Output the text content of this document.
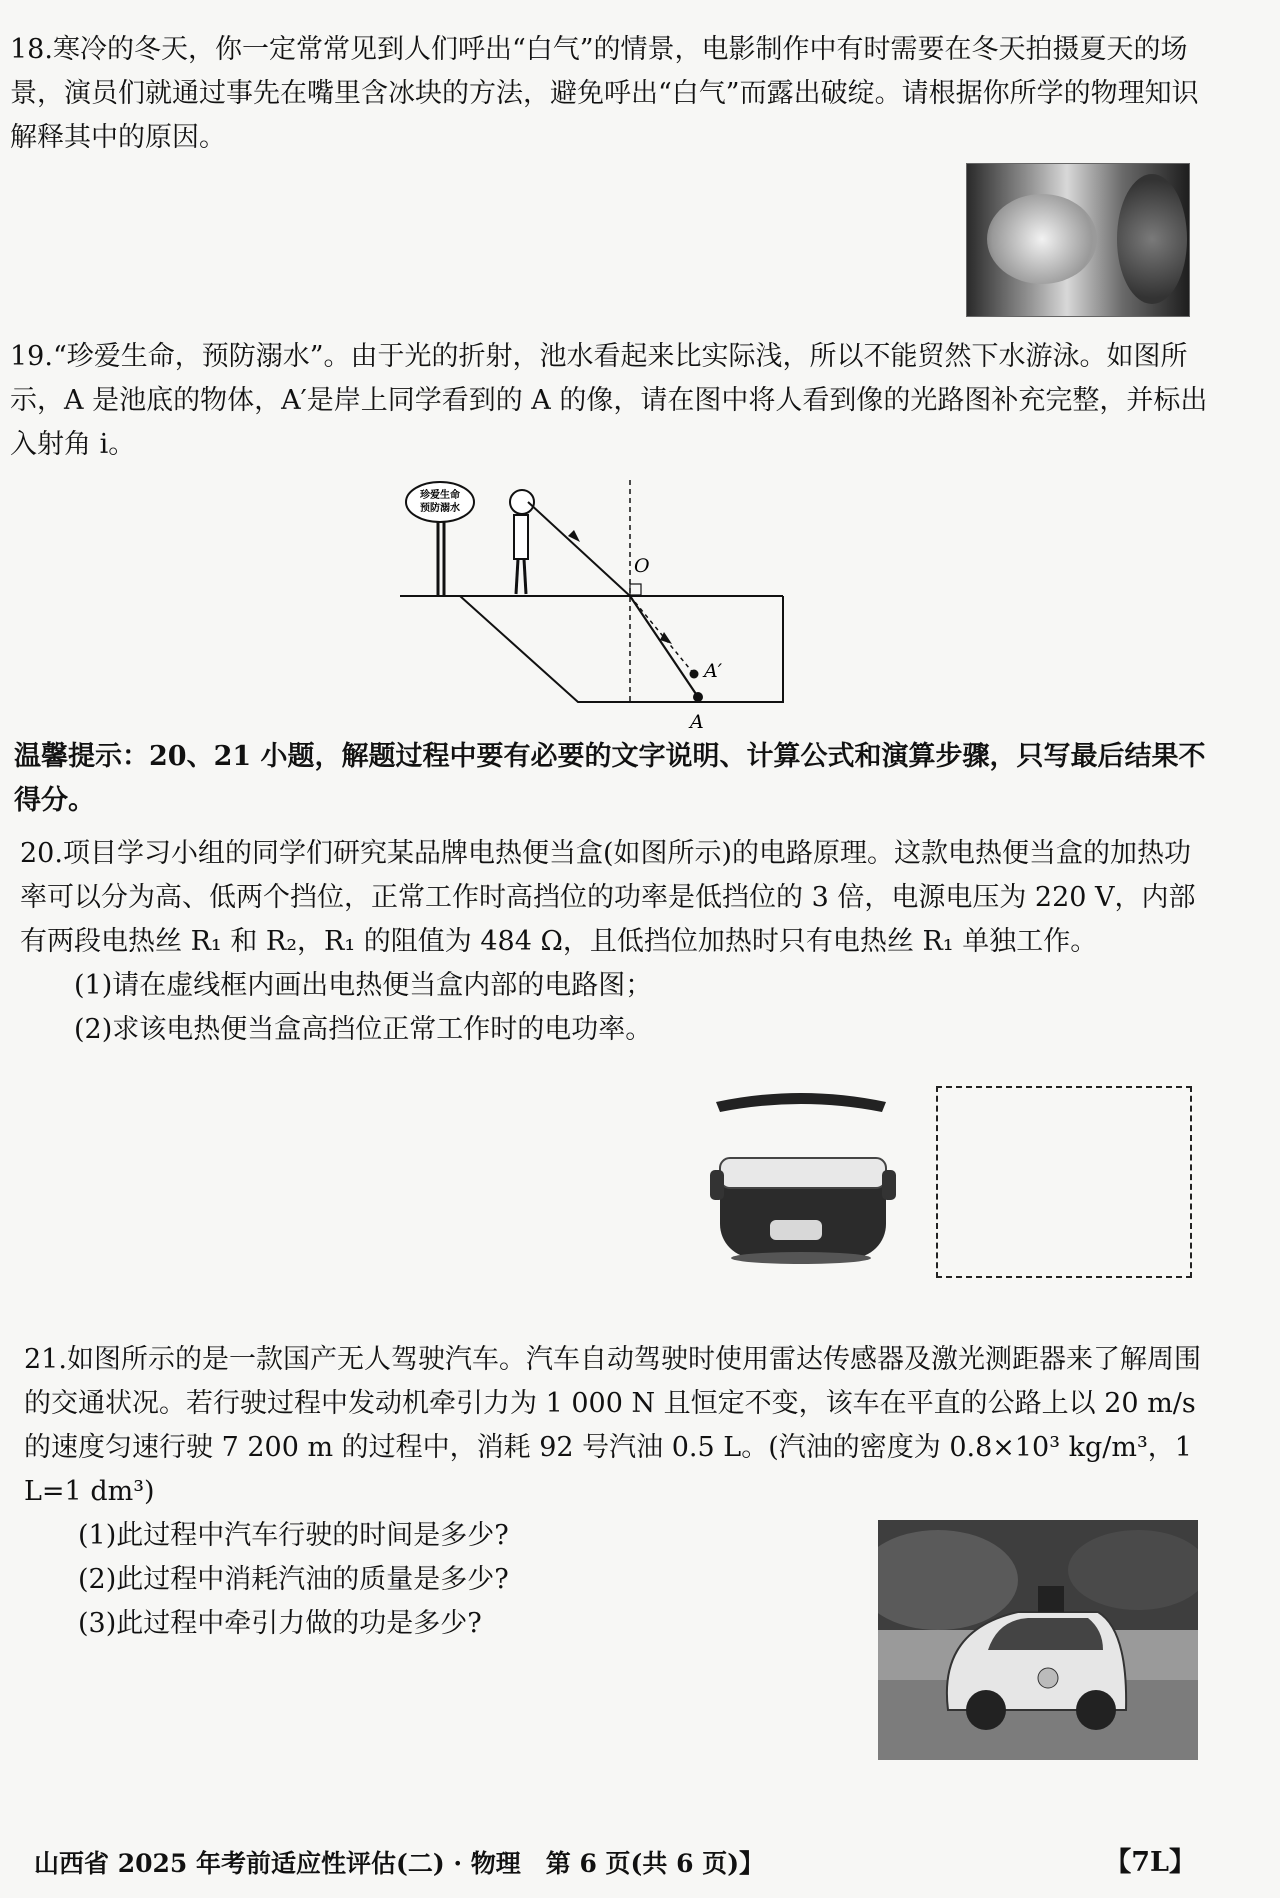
18.寒冷的冬天，你一定常常见到人们呼出“白气”的情景，电影制作中有时需要在冬天拍摄夏天的场景，演员们就通过事先在嘴里含冰块的方法，避免呼出“白气”而露出破绽。请根据你所学的物理知识解释其中的原因。

19.“珍爱生命，预防溺水”。由于光的折射，池水看起来比实际浅，所以不能贸然下水游泳。如图所示，A 是池底的物体，A′是岸上同学看到的 A 的像，请在图中将人看到像的光路图补充完整，并标出入射角 i。

珍爱生命
预防溺水
O
A′
A
温馨提示：20、21 小题，解题过程中要有必要的文字说明、计算公式和演算步骤，只写最后结果不得分。

20.项目学习小组的同学们研究某品牌电热便当盒(如图所示)的电路原理。这款电热便当盒的加热功率可以分为高、低两个挡位，正常工作时高挡位的功率是低挡位的 3 倍，电源电压为 220 V，内部有两段电热丝 R₁ 和 R₂，R₁ 的阻值为 484 Ω，且低挡位加热时只有电热丝 R₁ 单独工作。

(1)请在虚线框内画出电热便当盒内部的电路图；

(2)求该电热便当盒高挡位正常工作时的电功率。

21.如图所示的是一款国产无人驾驶汽车。汽车自动驾驶时使用雷达传感器及激光测距器来了解周围的交通状况。若行驶过程中发动机牵引力为 1 000 N 且恒定不变，该车在平直的公路上以 20 m/s 的速度匀速行驶 7 200 m 的过程中，消耗 92 号汽油 0.5 L。(汽油的密度为 0.8×10³ kg/m³，1 L=1 dm³)

(1)此过程中汽车行驶的时间是多少?

(2)此过程中消耗汽油的质量是多少?

(3)此过程中牵引力做的功是多少?

山西省 2025 年考前适应性评估(二) · 物理　第 6 页(共 6 页)】	【7L】
